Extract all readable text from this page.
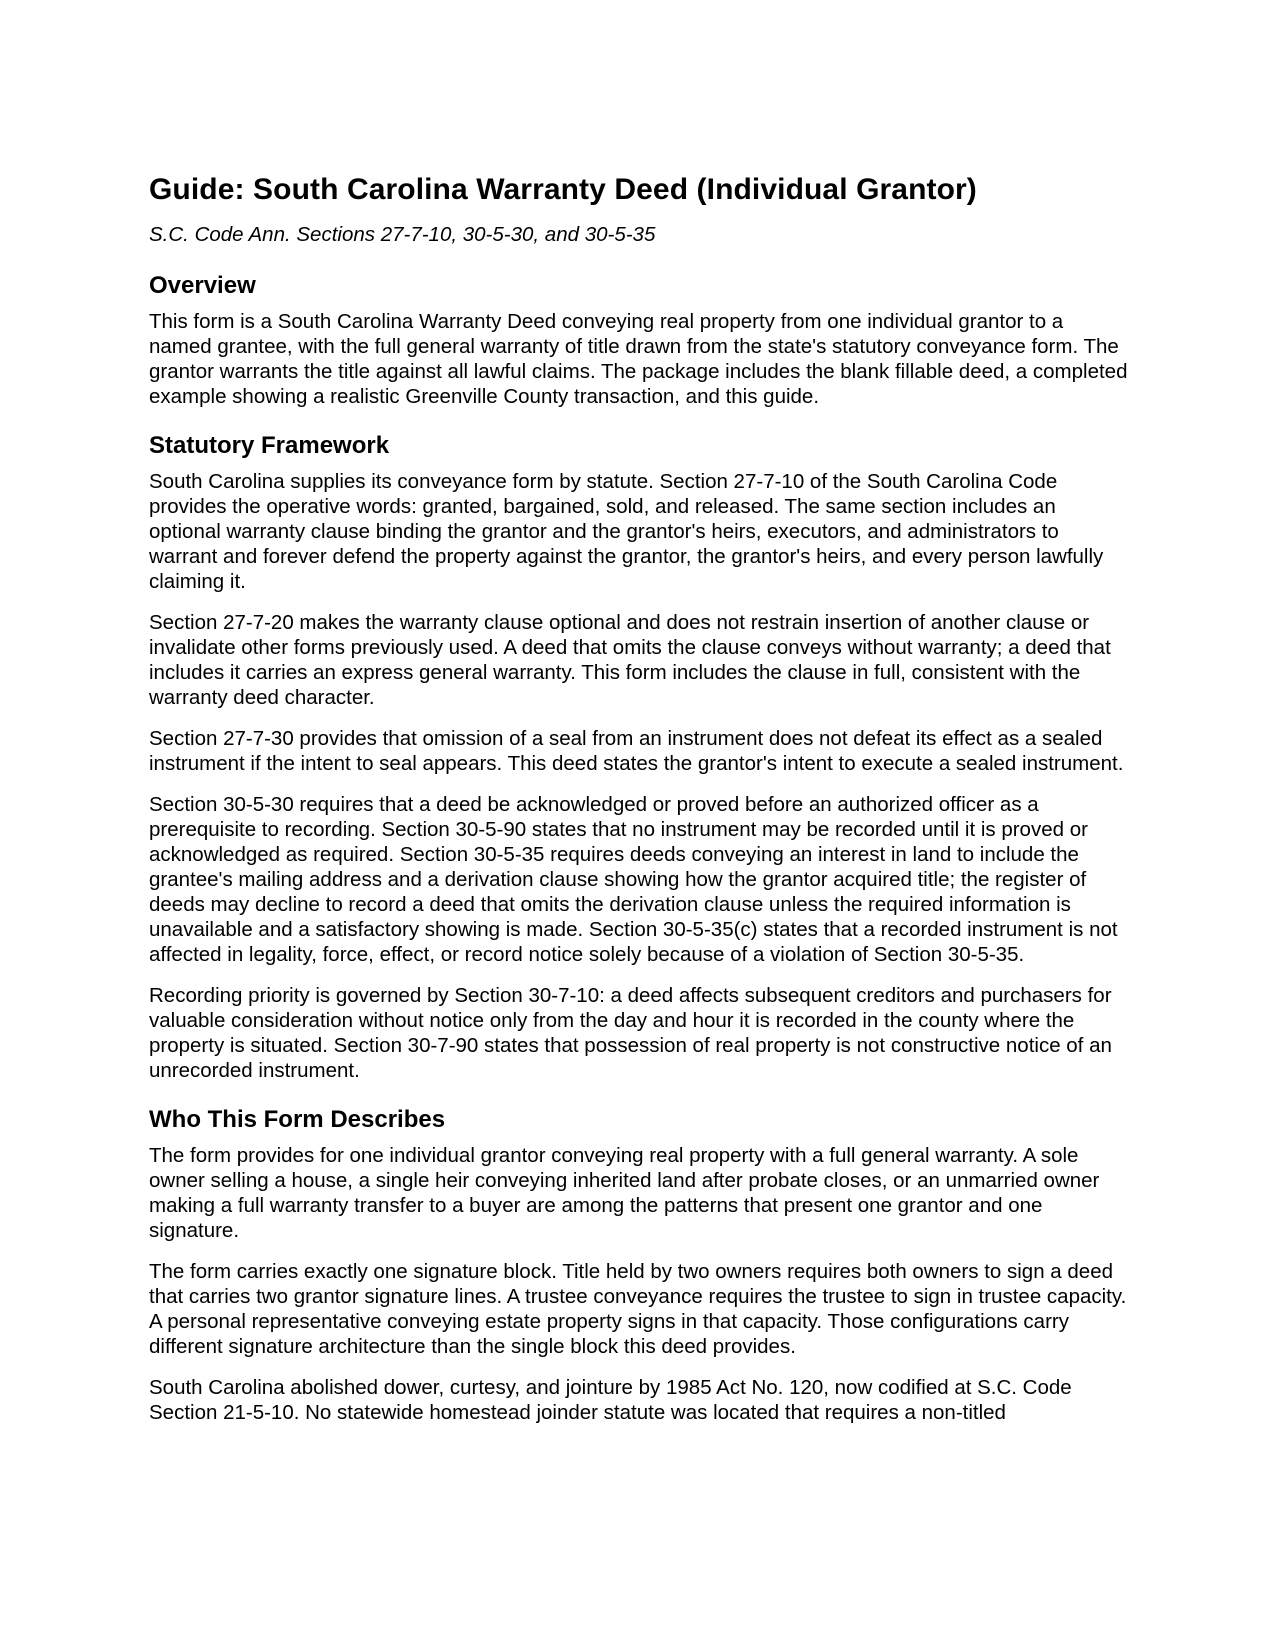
Guide: South Carolina Warranty Deed (Individual Grantor)
S.C. Code Ann. Sections 27-7-10, 30-5-30, and 30-5-35
Overview

This form is a South Carolina Warranty Deed conveying real property from one individual grantor to a named grantee, with the full general warranty of title drawn from the state's statutory conveyance form. The grantor warrants the title against all lawful claims. The package includes the blank fillable deed, a completed example showing a realistic Greenville County transaction, and this guide.

Statutory Framework

South Carolina supplies its conveyance form by statute. Section 27-7-10 of the South Carolina Code provides the operative words: granted, bargained, sold, and released. The same section includes an optional warranty clause binding the grantor and the grantor's heirs, executors, and administrators to warrant and forever defend the property against the grantor, the grantor's heirs, and every person lawfully claiming it.

Section 27-7-20 makes the warranty clause optional and does not restrain insertion of another clause or invalidate other forms previously used. A deed that omits the clause conveys without warranty; a deed that includes it carries an express general warranty. This form includes the clause in full, consistent with the warranty deed character.

Section 27-7-30 provides that omission of a seal from an instrument does not defeat its effect as a sealed instrument if the intent to seal appears. This deed states the grantor's intent to execute a sealed instrument.

Section 30-5-30 requires that a deed be acknowledged or proved before an authorized officer as a prerequisite to recording. Section 30-5-90 states that no instrument may be recorded until it is proved or acknowledged as required. Section 30-5-35 requires deeds conveying an interest in land to include the grantee's mailing address and a derivation clause showing how the grantor acquired title; the register of deeds may decline to record a deed that omits the derivation clause unless the required information is unavailable and a satisfactory showing is made. Section 30-5-35(c) states that a recorded instrument is not affected in legality, force, effect, or record notice solely because of a violation of Section 30-5-35.

Recording priority is governed by Section 30-7-10: a deed affects subsequent creditors and purchasers for valuable consideration without notice only from the day and hour it is recorded in the county where the property is situated. Section 30-7-90 states that possession of real property is not constructive notice of an unrecorded instrument.

Who This Form Describes

The form provides for one individual grantor conveying real property with a full general warranty. A sole owner selling a house, a single heir conveying inherited land after probate closes, or an unmarried owner making a full warranty transfer to a buyer are among the patterns that present one grantor and one signature.

The form carries exactly one signature block. Title held by two owners requires both owners to sign a deed that carries two grantor signature lines. A trustee conveyance requires the trustee to sign in trustee capacity. A personal representative conveying estate property signs in that capacity. Those configurations carry different signature architecture than the single block this deed provides.

South Carolina abolished dower, curtesy, and jointure by 1985 Act No. 120, now codified at S.C. Code Section 21-5-10. No statewide homestead joinder statute was located that requires a non-titled
